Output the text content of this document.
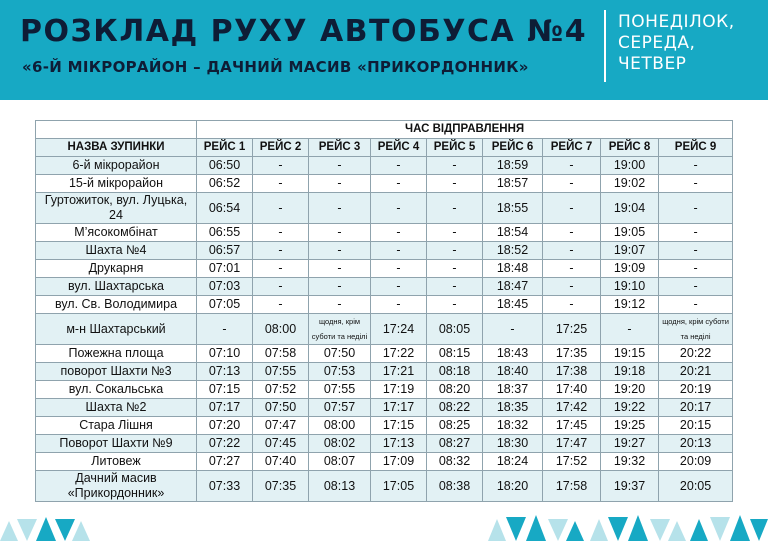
РОЗКЛАД РУХУ АВТОБУСА №4
«6-Й МІКРОРАЙОН – ДАЧНИЙ МАСИВ «ПРИКОРДОННИК»
ПОНЕДІЛОК,
СЕРЕДА,
ЧЕТВЕР
	ЧАС ВІДПРАВЛЕННЯ								
НАЗВА ЗУПИНКИ	РЕЙС 1	РЕЙС 2	РЕЙС 3	РЕЙС 4	РЕЙС 5	РЕЙС 6	РЕЙС 7	РЕЙС 8	РЕЙС 9
6-й мікрорайон	06:50	-	-	-	-	18:59	-	19:00	-
15-й мікрорайон	06:52	-	-	-	-	18:57	-	19:02	-
Гуртожиток, вул. Луцька, 24	06:54	-	-	-	-	18:55	-	19:04	-
М’ясокомбінат	06:55	-	-	-	-	18:54	-	19:05	-
Шахта №4	06:57	-	-	-	-	18:52	-	19:07	-
Друкарня	07:01	-	-	-	-	18:48	-	19:09	-
вул. Шахтарська	07:03	-	-	-	-	18:47	-	19:10	-
вул. Св. Володимира	07:05	-	-	-	-	18:45	-	19:12	-
м-н Шахтарський	-	08:00	щодня, крім суботи та неділі	17:24	08:05	-	17:25	-	щодня, крім суботи та неділі
Пожежна площа	07:10	07:58	07:50	17:22	08:15	18:43	17:35	19:15	20:22
поворот Шахти №3	07:13	07:55	07:53	17:21	08:18	18:40	17:38	19:18	20:21
вул. Сокальська	07:15	07:52	07:55	17:19	08:20	18:37	17:40	19:20	20:19
Шахта №2	07:17	07:50	07:57	17:17	08:22	18:35	17:42	19:22	20:17
Стара Лішня	07:20	07:47	08:00	17:15	08:25	18:32	17:45	19:25	20:15
Поворот Шахти №9	07:22	07:45	08:02	17:13	08:27	18:30	17:47	19:27	20:13
Литовеж	07:27	07:40	08:07	17:09	08:32	18:24	17:52	19:32	20:09
Дачний масив «Прикордонник»	07:33	07:35	08:13	17:05	08:38	18:20	17:58	19:37	20:05
